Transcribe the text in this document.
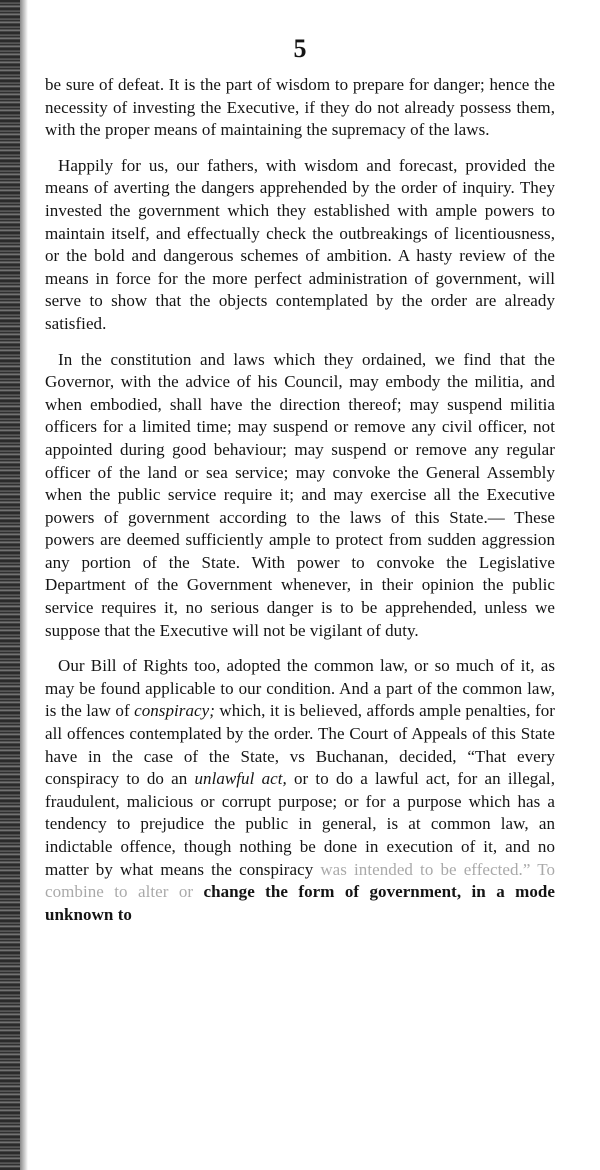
5

be sure of defeat. It is the part of wisdom to prepare for danger; hence the necessity of investing the Executive, if they do not already possess them, with the proper means of maintaining the supremacy of the laws.

Happily for us, our fathers, with wisdom and forecast, provided the means of averting the dangers apprehended by the order of inquiry. They invested the government which they established with ample powers to maintain itself, and effectually check the outbreakings of licentiousness, or the bold and dangerous schemes of ambition. A hasty review of the means in force for the more perfect administration of government, will serve to show that the objects contemplated by the order are already satisfied.

In the constitution and laws which they ordained, we find that the Governor, with the advice of his Council, may embody the militia, and when embodied, shall have the direction thereof; may suspend militia officers for a limited time; may suspend or remove any civil officer, not appointed during good behaviour; may suspend or remove any regular officer of the land or sea service; may convoke the General Assembly when the public service require it; and may exercise all the Executive powers of government according to the laws of this State.— These powers are deemed sufficiently ample to protect from sudden aggression any portion of the State. With power to convoke the Legislative Department of the Government whenever, in their opinion the public service requires it, no serious danger is to be apprehended, unless we suppose that the Executive will not be vigilant of duty.

Our Bill of Rights too, adopted the common law, or so much of it, as may be found applicable to our condition. And a part of the common law, is the law of conspiracy; which, it is believed, affords ample penalties, for all offences contemplated by the order. The Court of Appeals of this State have in the case of the State, vs Buchanan, decided, “That every conspiracy to do an unlawful act, or to do a lawful act, for an illegal, fraudulent, malicious or corrupt purpose; or for a purpose which has a tendency to prejudice the public in general, is at common law, an indictable offence, though nothing be done in execution of it, and no matter by what means the conspiracy was intended to be effected.” To combine to alter or change the form of government, in a mode unknown to
